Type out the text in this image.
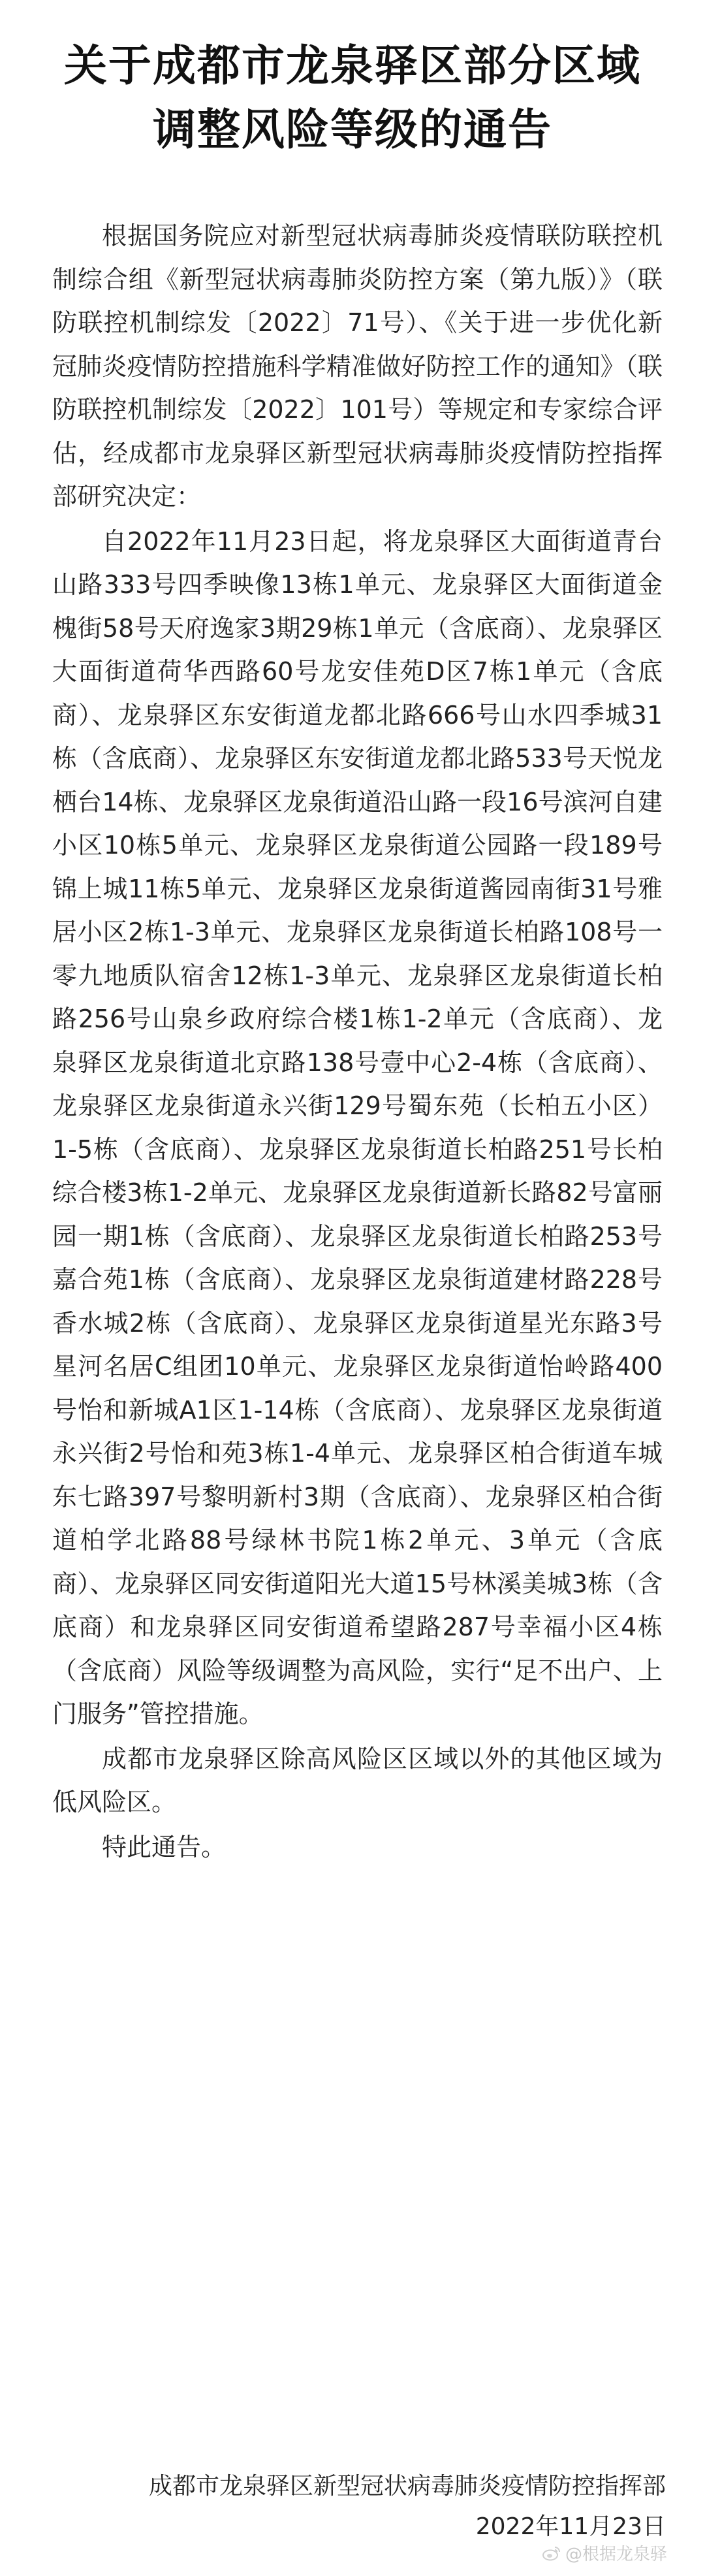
关于成都市龙泉驿区部分区域
调整风险等级的通告

根据国务院应对新型冠状病毒肺炎疫情联防联控机制综合组《新型冠状病毒肺炎防控方案（第九版）》（联防联控机制综发〔2022〕71号）、《关于进一步优化新冠肺炎疫情防控措施科学精准做好防控工作的通知》（联防联控机制综发〔2022〕101号）等规定和专家综合评估，经成都市龙泉驿区新型冠状病毒肺炎疫情防控指挥部研究决定：

自2022年11月23日起，将龙泉驿区大面街道青台山路333号四季映像13栋1单元、龙泉驿区大面街道金槐街58号天府逸家3期29栋1单元（含底商）、龙泉驿区大面街道荷华西路60号龙安佳苑D区7栋1单元（含底商）、龙泉驿区东安街道龙都北路666号山水四季城31栋（含底商）、龙泉驿区东安街道龙都北路533号天悦龙栖台14栋、龙泉驿区龙泉街道沿山路一段16号滨河自建小区10栋5单元、龙泉驿区龙泉街道公园路一段189号锦上城11栋5单元、龙泉驿区龙泉街道酱园南街31号雅居小区2栋1-3单元、龙泉驿区龙泉街道长柏路108号一零九地质队宿舍12栋1-3单元、龙泉驿区龙泉街道长柏路256号山泉乡政府综合楼1栋1-2单元（含底商）、龙泉驿区龙泉街道北京路138号壹中心2-4栋（含底商）、龙泉驿区龙泉街道永兴街129号蜀东苑（长柏五小区）1-5栋（含底商）、龙泉驿区龙泉街道长柏路251号长柏综合楼3栋1-2单元、龙泉驿区龙泉街道新长路82号富丽园一期1栋（含底商）、龙泉驿区龙泉街道长柏路253号嘉合苑1栋（含底商）、龙泉驿区龙泉街道建材路228号香水城2栋（含底商）、龙泉驿区龙泉街道星光东路3号星河名居C组团10单元、龙泉驿区龙泉街道怡岭路400号怡和新城A1区1-14栋（含底商）、龙泉驿区龙泉街道永兴街2号怡和苑3栋1-4单元、龙泉驿区柏合街道车城东七路397号黎明新村3期（含底商）、龙泉驿区柏合街道柏学北路88号绿林书院1栋2单元、3单元（含底商）、龙泉驿区同安街道阳光大道15号林溪美城3栋（含底商）和龙泉驿区同安街道希望路287号幸福小区4栋（含底商）风险等级调整为高风险，实行“足不出户、上门服务”管控措施。

成都市龙泉驿区除高风险区区域以外的其他区域为低风险区。

特此通告。

成都市龙泉驿区新型冠状病毒肺炎疫情防控指挥部
2022年11月23日
@根据龙泉驿
